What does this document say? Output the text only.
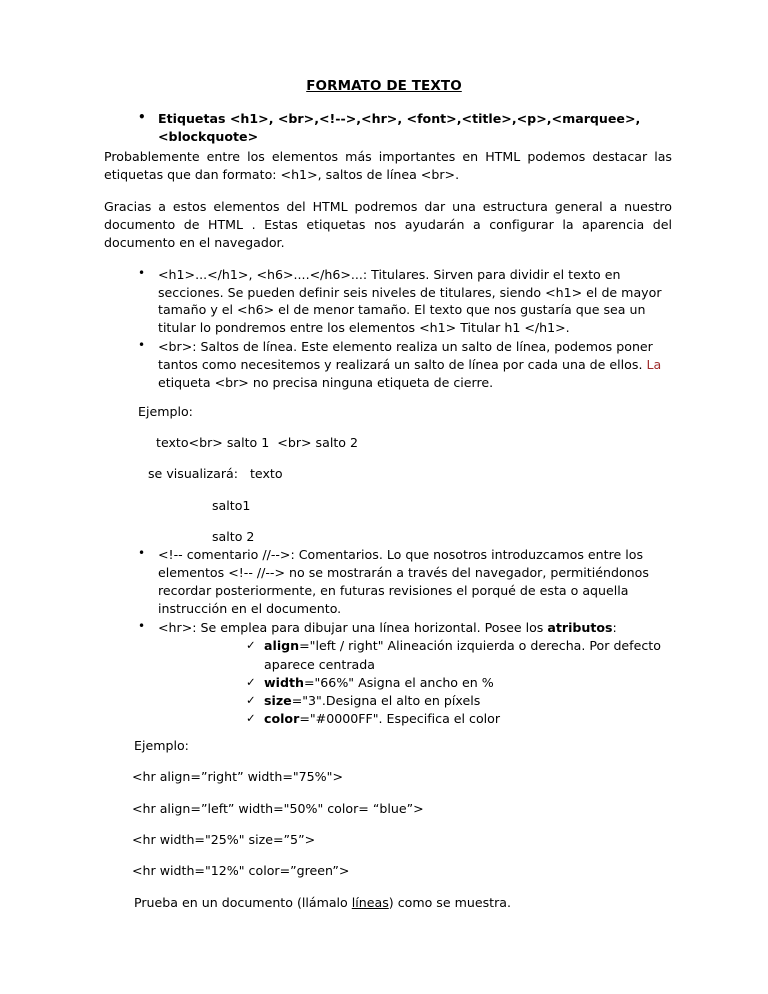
FORMATO DE TEXTO
• Etiquetas <h1>, <br>,<!-->,<hr>, <font>,<title>,<p>,<marquee>, <blockquote>

Probablemente entre los elementos más importantes en HTML podemos destacar las etiquetas que dan formato: <h1>, saltos de línea <br>.

Gracias a estos elementos del HTML podremos dar una estructura general a nuestro documento de HTML . Estas etiquetas nos ayudarán a configurar la aparencia del documento en el navegador.

• <h1>...</h1>, <h6>....</h6>...: Titulares. Sirven para dividir el texto en secciones. Se pueden definir seis niveles de titulares, siendo <h1> el de mayor tamaño y el <h6> el de menor tamaño. El texto que nos gustaría que sea un titular lo pondremos entre los elementos <h1> Titular h1 </h1>.
• <br>: Saltos de línea. Este elemento realiza un salto de línea, podemos poner tantos como necesitemos y realizará un salto de línea por cada una de ellos. La etiqueta <br> no precisa ninguna etiqueta de cierre.

Ejemplo:

texto<br> salto 1  <br> salto 2

se visualizará:   texto

salto1

salto 2

• <!-- comentario //-->: Comentarios. Lo que nosotros introduzcamos entre los elementos <!-- //--> no se mostrarán a través del navegador, permitiéndonos recordar posteriormente, en futuras revisiones el porqué de esta o aquella instrucción en el documento.
• <hr>: Se emplea para dibujar una línea horizontal. Posee los atributos:
✓ align="left / right" Alineación izquierda o derecha. Por defecto aparece centrada
✓ width="66%" Asigna el ancho en %
✓ size="3".Designa el alto en píxels
✓ color="#0000FF". Especifica el color

Ejemplo:

<hr align=”right” width="75%">

<hr align=”left” width="50%" color= “blue”>

<hr width="25%" size=”5”>

<hr width="12%" color=”green”>

Prueba en un documento (llámalo líneas) como se muestra.
